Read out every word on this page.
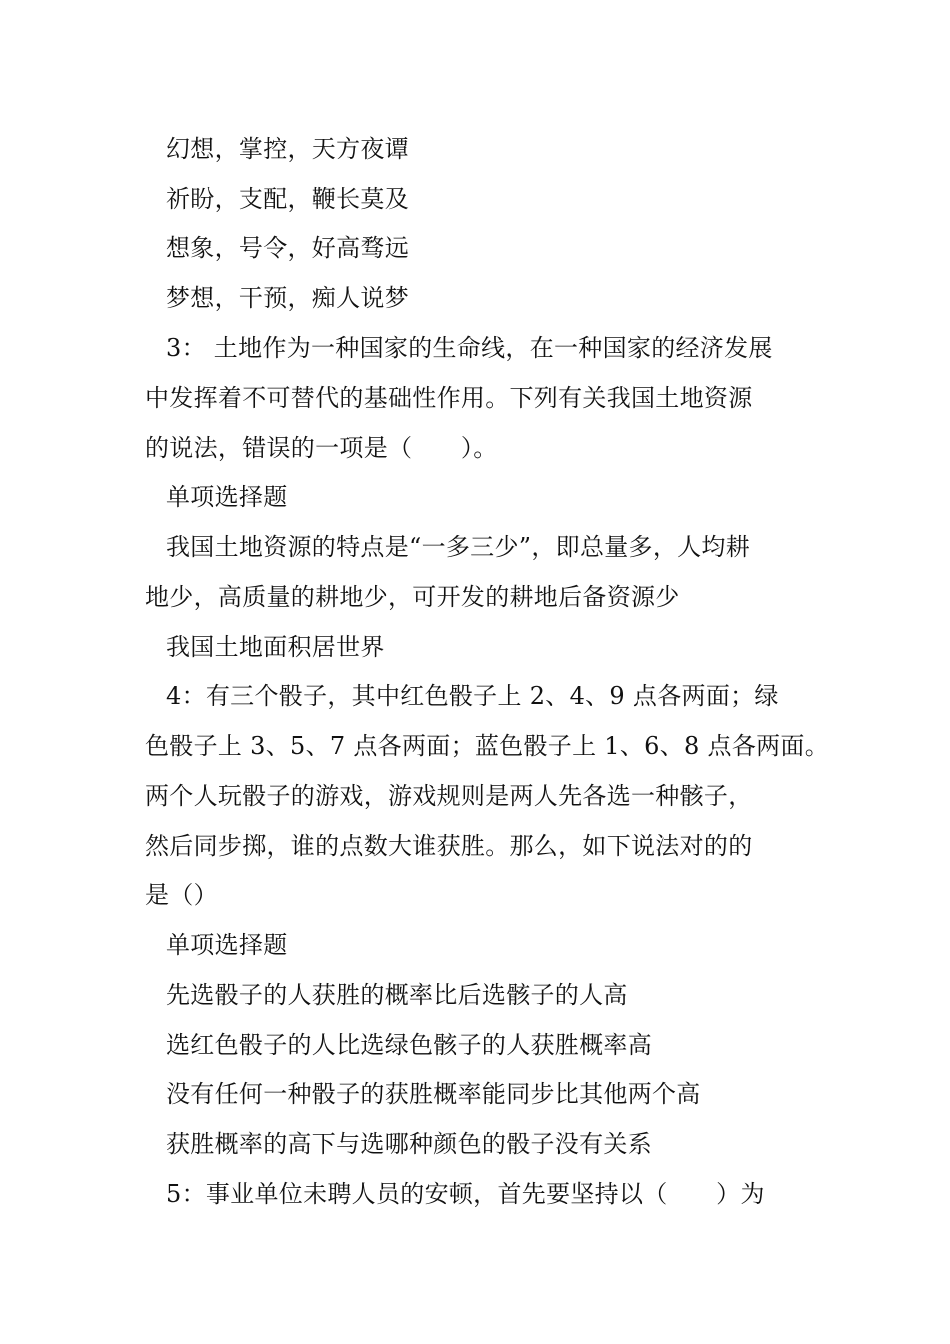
幻想，掌控，天方夜谭
祈盼，支配，鞭长莫及
想象，号令，好高骛远
梦想，干预，痴人说梦
3： 土地作为一种国家的生命线，在一种国家的经济发展
中发挥着不可替代的基础性作用。下列有关我国土地资源
的说法，错误的一项是（　　）。
单项选择题
我国土地资源的特点是“一多三少”，即总量多，人均耕
地少，高质量的耕地少，可开发的耕地后备资源少
我国土地面积居世界
4：有三个骰子，其中红色骰子上 2、4、9 点各两面；绿
色骰子上 3、5、7 点各两面；蓝色骰子上 1、6、8 点各两面。
两个人玩骰子的游戏，游戏规则是两人先各选一种骸子，
然后同步掷，谁的点数大谁获胜。那么，如下说法对的的
是（）
单项选择题
先选骰子的人获胜的概率比后选骸子的人高
选红色骰子的人比选绿色骸子的人获胜概率高
没有任何一种骰子的获胜概率能同步比其他两个高
获胜概率的高下与选哪种颜色的骰子没有关系
5：事业单位未聘人员的安顿，首先要坚持以（　　）为
